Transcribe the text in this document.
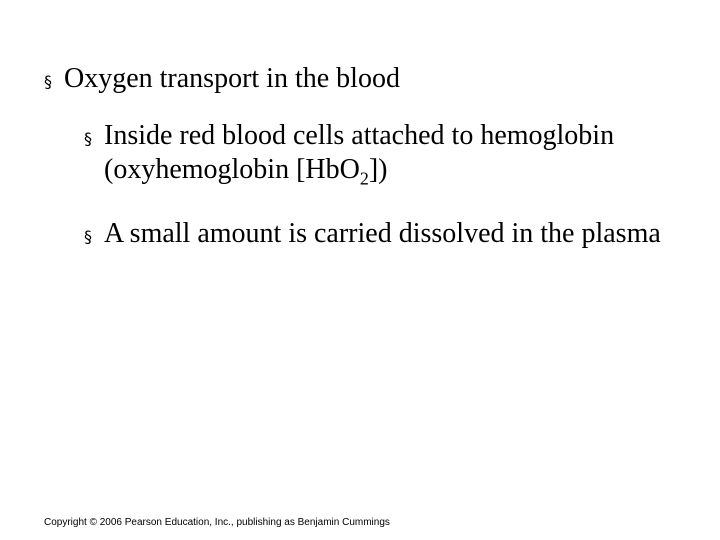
§ Oxygen transport in the blood
§ Inside red blood cells attached to hemoglobin (oxyhemoglobin [HbO$_2$])
§ A small amount is carried dissolved in the plasma
Copyright © 2006 Pearson Education, Inc., publishing as Benjamin Cummings
